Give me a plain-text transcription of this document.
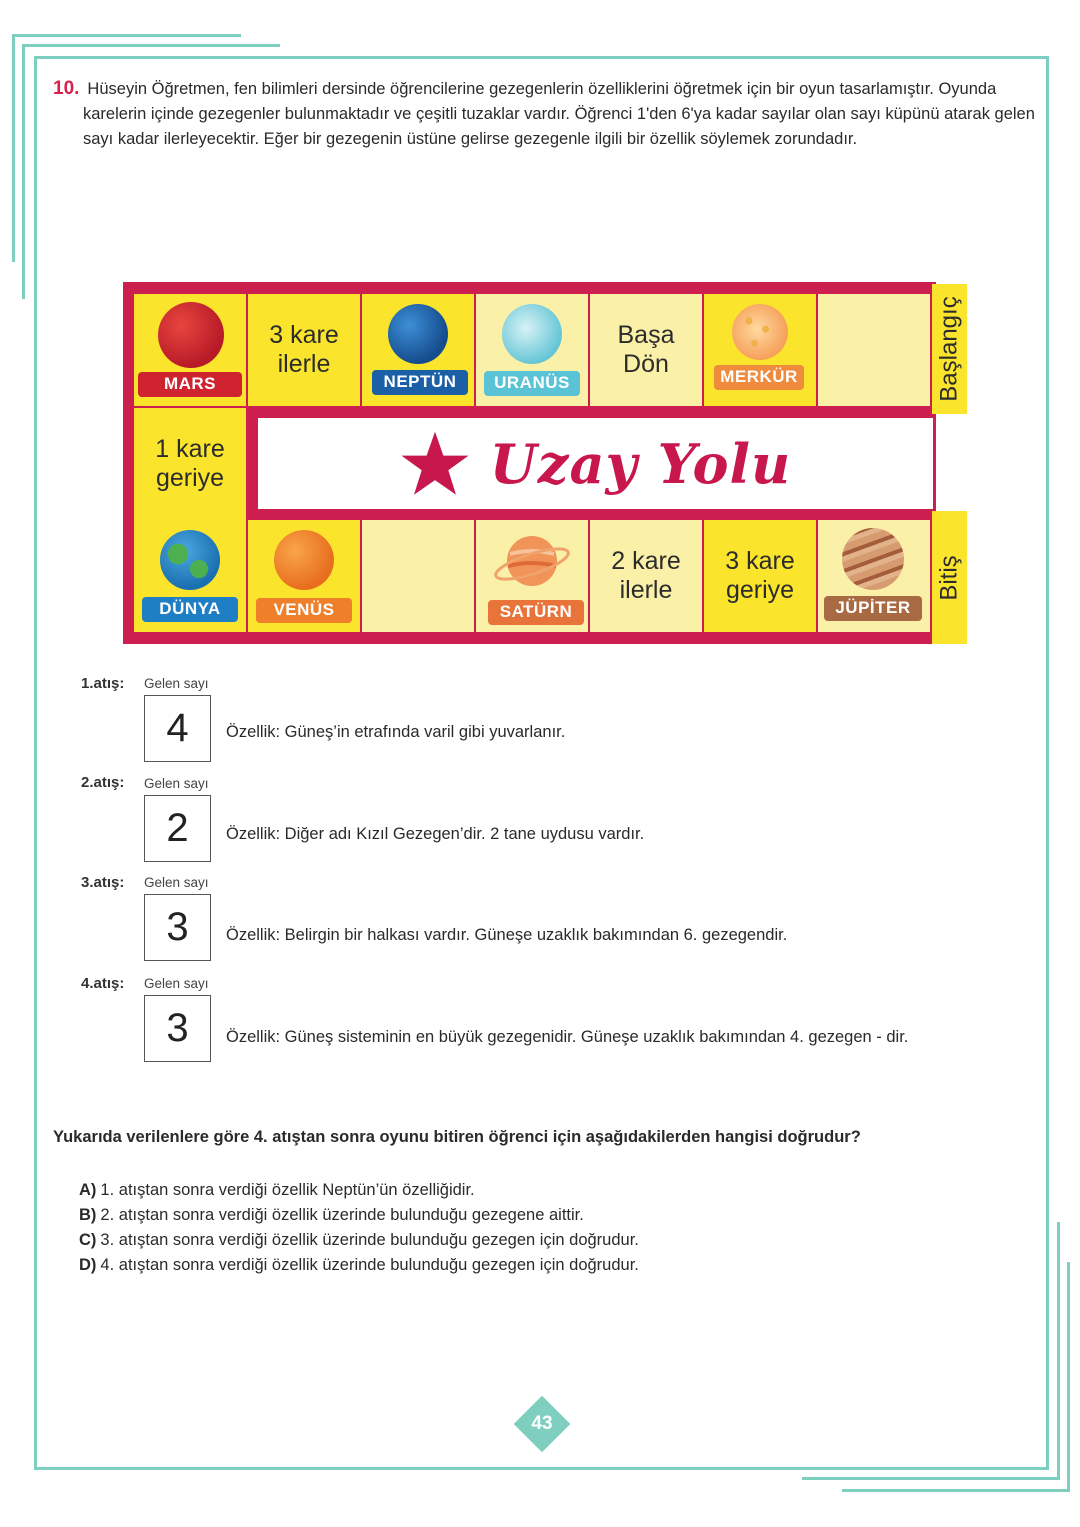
10. Hüseyin Öğretmen, fen bilimleri dersinde öğrencilerine gezegenlerin özelliklerini öğretmek için bir oyun tasarlamıştır. Oyunda karelerin içinde gezegenler bulunmaktadır ve çeşitli tuzaklar vardır. Öğrenci 1'den 6'ya kadar sayılar olan sayı küpünü atarak gelen sayı kadar ilerleyecektir. Eğer bir gezegenin üstüne gelirse gezegenle ilgili bir özellik söylemek zorundadır.
MARS
3 kare
ilerle
NEPTÜN	URANÜS
Başa
Dön	MERKÜR	Başlangıç
1 kare
geriye	Uzay Yolu
DÜNYA	VENÜS	SATÜRN
2 kare
ilerle
3 kare
geriye
JÜPİTER
Bitiş
1.atış: Gelen sayı
4	Özellik: Güneş’in etrafında varil gibi yuvarlanır.
2.atış: Gelen sayı
2	Özellik: Diğer adı Kızıl Gezegen’dir. 2 tane uydusu vardır.
3.atış: Gelen sayı
3	Özellik: Belirgin bir halkası vardır. Güneşe uzaklık bakımından 6. gezegendir.
4.atış: Gelen sayı
3	Özellik: Güneş sisteminin en büyük gezegenidir. Güneşe uzaklık bakımından 4. gezegen - dir.
Yukarıda verilenlere göre 4. atıştan sonra oyunu bitiren öğrenci için aşağıdakilerden hangisi doğrudur?
A) 1. atıştan sonra verdiği özellik Neptün’ün özelliğidir.
B) 2. atıştan sonra verdiği özellik üzerinde bulunduğu gezegene aittir.
C) 3. atıştan sonra verdiği özellik üzerinde bulunduğu gezegen için doğrudur.
D) 4. atıştan sonra verdiği özellik üzerinde bulunduğu gezegen için doğrudur.
43
